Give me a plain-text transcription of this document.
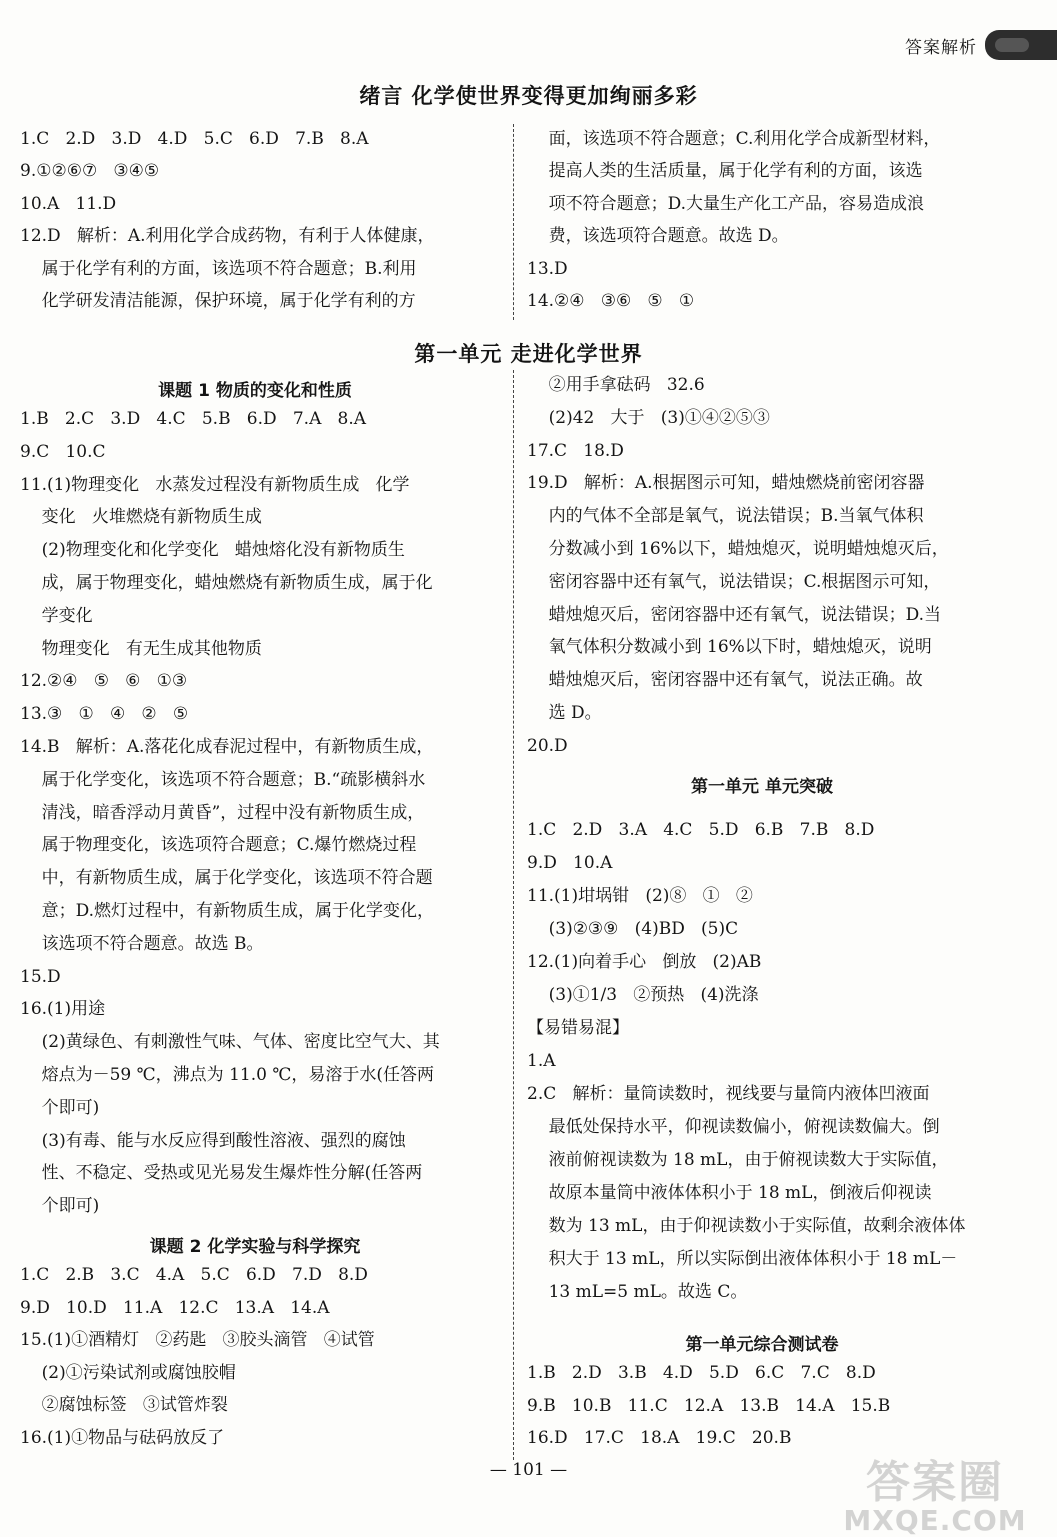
答案解析
绪言 化学使世界变得更加绚丽多彩
1.C   2.D   3.D   4.D   5.C   6.D   7.B   8.A
9.①②⑥⑦   ③④⑤
10.A   11.D
12.D   解析：A.利用化学合成药物，有利于人体健康，
属于化学有利的方面，该选项不符合题意；B.利用
化学研发清洁能源，保护环境，属于化学有利的方
面，该选项不符合题意；C.利用化学合成新型材料，
提高人类的生活质量，属于化学有利的方面，该选
项不符合题意；D.大量生产化工产品，容易造成浪
费，该选项符合题意。故选 D。
13.D
14.②④   ③⑥   ⑤   ①
第一单元 走进化学世界
课题 1 物质的变化和性质
1.B   2.C   3.D   4.C   5.B   6.D   7.A   8.A
9.C   10.C
11.(1)物理变化   水蒸发过程没有新物质生成   化学
变化   火堆燃烧有新物质生成
(2)物理变化和化学变化   蜡烛熔化没有新物质生
成，属于物理变化，蜡烛燃烧有新物质生成，属于化
学变化
物理变化   有无生成其他物质
12.②④   ⑤   ⑥   ①③
13.③   ①   ④   ②   ⑤
14.B   解析：A.落花化成春泥过程中，有新物质生成，
属于化学变化，该选项不符合题意；B.“疏影横斜水
清浅，暗香浮动月黄昏”，过程中没有新物质生成，
属于物理变化，该选项符合题意；C.爆竹燃烧过程
中，有新物质生成，属于化学变化，该选项不符合题
意；D.燃灯过程中，有新物质生成，属于化学变化，
该选项不符合题意。故选 B。
15.D
16.(1)用途
(2)黄绿色、有刺激性气味、气体、密度比空气大、其
熔点为－59 ℃，沸点为 11.0 ℃，易溶于水(任答两
个即可)
(3)有毒、能与水反应得到酸性溶液、强烈的腐蚀
性、不稳定、受热或见光易发生爆炸性分解(任答两
个即可)
课题 2 化学实验与科学探究
1.C   2.B   3.C   4.A   5.C   6.D   7.D   8.D
9.D   10.D   11.A   12.C   13.A   14.A
15.(1)①酒精灯   ②药匙   ③胶头滴管   ④试管
(2)①污染试剂或腐蚀胶帽
②腐蚀标签   ③试管炸裂
16.(1)①物品与砝码放反了
②用手拿砝码   32.6
(2)42   大于   (3)①④②⑤③
17.C   18.D
19.D   解析：A.根据图示可知，蜡烛燃烧前密闭容器
内的气体不全部是氧气，说法错误；B.当氧气体积
分数减小到 16%以下，蜡烛熄灭，说明蜡烛熄灭后，
密闭容器中还有氧气，说法错误；C.根据图示可知，
蜡烛熄灭后，密闭容器中还有氧气，说法错误；D.当
氧气体积分数减小到 16%以下时，蜡烛熄灭，说明
蜡烛熄灭后，密闭容器中还有氧气，说法正确。故
选 D。
20.D
第一单元 单元突破
1.C   2.D   3.A   4.C   5.D   6.B   7.B   8.D
9.D   10.A
11.(1)坩埚钳   (2)⑧   ①   ②
(3)②③⑨   (4)BD   (5)C
12.(1)向着手心   倒放   (2)AB
(3)①1/3   ②预热   (4)洗涤
【易错易混】
1.A
2.C   解析：量筒读数时，视线要与量筒内液体凹液面
最低处保持水平，仰视读数偏小，俯视读数偏大。倒
液前俯视读数为 18 mL，由于俯视读数大于实际值，
故原本量筒中液体体积小于 18 mL，倒液后仰视读
数为 13 mL，由于仰视读数小于实际值，故剩余液体体
积大于 13 mL，所以实际倒出液体体积小于 18 mL－
13 mL=5 mL。故选 C。
第一单元综合测试卷
1.B   2.D   3.B   4.D   5.D   6.C   7.C   8.D
9.B   10.B   11.C   12.A   13.B   14.A   15.B
16.D   17.C   18.A   19.C   20.B
— 101 —	答案圈
MXQE.COM
